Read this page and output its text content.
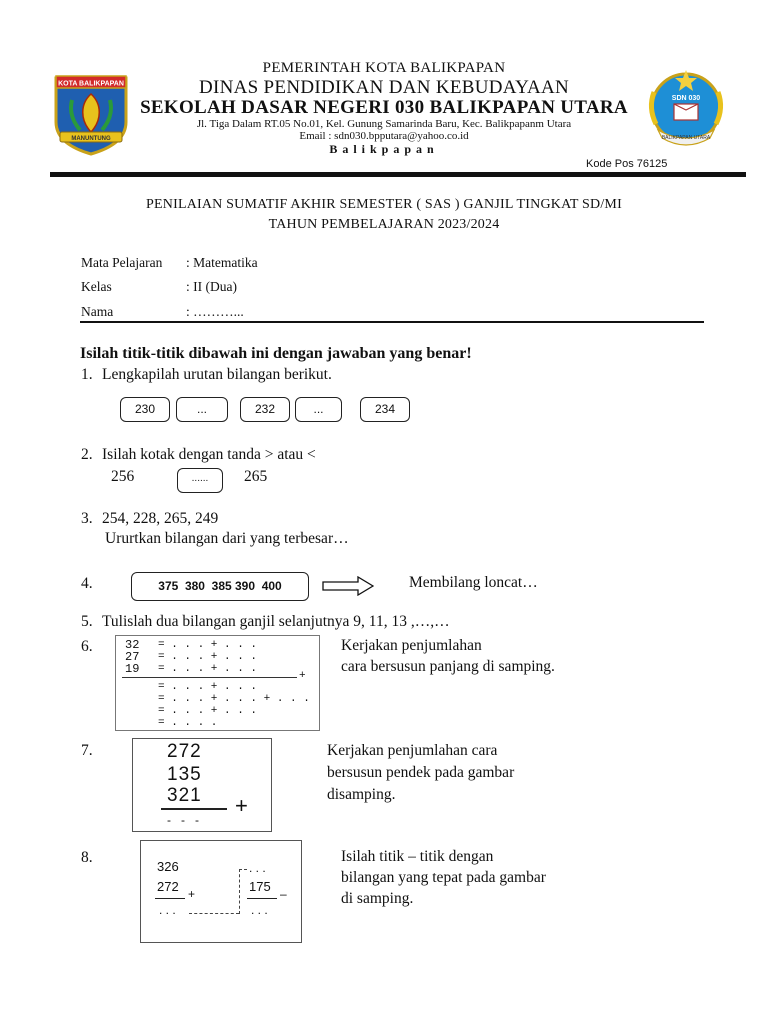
KOTA BALIKPAPAN
MANUNTUNG
SDN 030
BALIKPAPAN UTARA
PEMERINTAH KOTA BALIKPAPAN
DINAS PENDIDIKAN DAN KEBUDAYAAN
SEKOLAH DASAR NEGERI 030 BALIKPAPAN UTARA
Jl. Tiga Dalam RT.05 No.01, Kel. Gunung Samarinda Baru, Kec. Balikpapanm Utara
Email : sdn030.bpputara@yahoo.co.id
Balikpapan
Kode Pos 76125
PENILAIAN SUMATIF AKHIR SEMESTER ( SAS ) GANJIL TINGKAT SD/MI
TAHUN PEMBELAJARAN 2023/2024
Mata Pelajaran : Matematika
Kelas	: II (Dua)
Nama	: ………...
Isilah titik-titik dibawah ini dengan jawaban yang benar!
1. Lengkapilah urutan bilangan berikut.
230	...	232	...	234
2. Isilah kotak dengan tanda > atau <
256	......	265
3. 254, 228, 265, 249
Ururtkan bilangan dari yang terbesar…
4.	375  380  385 390  400	Membilang loncat…
5. Tulislah dua bilangan ganjil selanjutnya 9, 11, 13 ,…,…
6.	32 = . . . + . . .
27 = . . . + . . .
19 = . . . + . . .
+
= . . . + . . .
= . . . + . . . + . . .
= . . . + . . .
= . . . .
Kerjakan penjumlahan
cara bersusun panjang di samping.
7.	272
135
321 +
-   -   -
Kerjakan penjumlahan cara
bersusun pendek pada gambar
disamping.
8.
326
272 +
. . .
. . .
175 –
. . .
Isilah titik – titik dengan
bilangan yang tepat pada gambar
di samping.
